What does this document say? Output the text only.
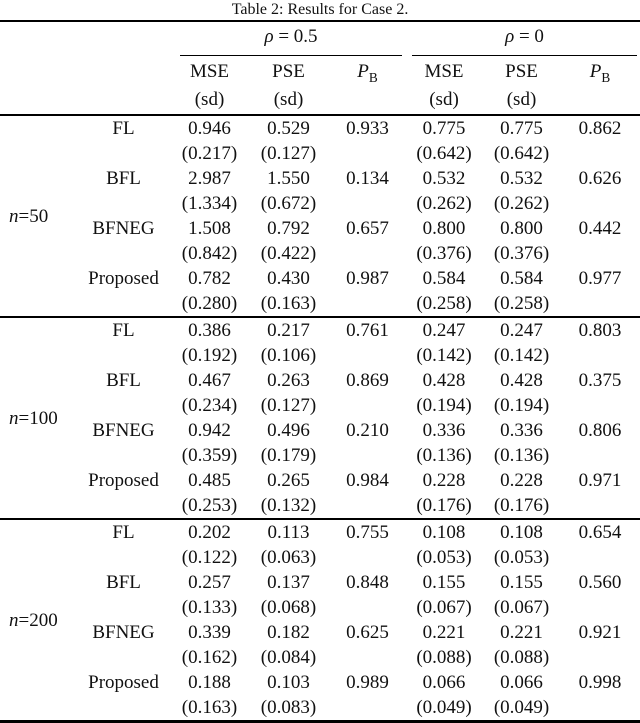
Table 2: Results for Case 2.

		ρ = 0.5			ρ = 0		

		MSE	PSE	$P_B$	MSE	PSE	$P_B$
		(sd)	(sd)		(sd)	(sd)	
n=50	FL	0.946	0.529	0.933	0.775	0.775	0.862
		(0.217)	(0.127)		(0.642)	(0.642)	
	BFL	2.987	1.550	0.134	0.532	0.532	0.626
		(1.334)	(0.672)		(0.262)	(0.262)	
	BFNEG	1.508	0.792	0.657	0.800	0.800	0.442
		(0.842)	(0.422)		(0.376)	(0.376)	
	Proposed	0.782	0.430	0.987	0.584	0.584	0.977
		(0.280)	(0.163)		(0.258)	(0.258)	
n=100	FL	0.386	0.217	0.761	0.247	0.247	0.803
		(0.192)	(0.106)		(0.142)	(0.142)	
	BFL	0.467	0.263	0.869	0.428	0.428	0.375
		(0.234)	(0.127)		(0.194)	(0.194)	
	BFNEG	0.942	0.496	0.210	0.336	0.336	0.806
		(0.359)	(0.179)		(0.136)	(0.136)	
	Proposed	0.485	0.265	0.984	0.228	0.228	0.971
		(0.253)	(0.132)		(0.176)	(0.176)	
n=200	FL	0.202	0.113	0.755	0.108	0.108	0.654
		(0.122)	(0.063)		(0.053)	(0.053)	
	BFL	0.257	0.137	0.848	0.155	0.155	0.560
		(0.133)	(0.068)		(0.067)	(0.067)	
	BFNEG	0.339	0.182	0.625	0.221	0.221	0.921
		(0.162)	(0.084)		(0.088)	(0.088)	
	Proposed	0.188	0.103	0.989	0.066	0.066	0.998
		(0.163)	(0.083)		(0.049)	(0.049)	
